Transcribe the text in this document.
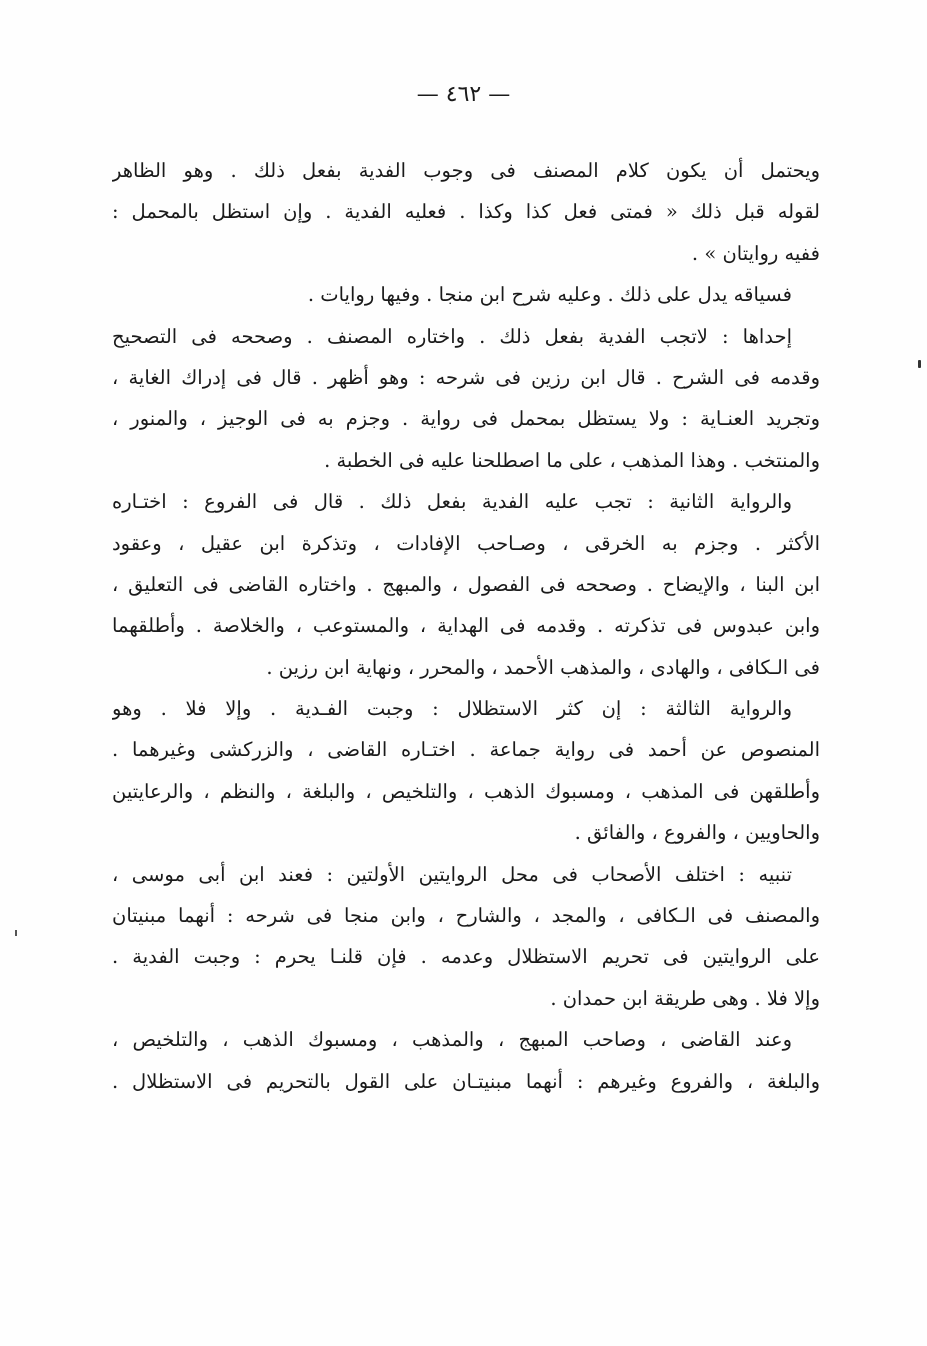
— ٤٦٢ —
ويحتمل أن يكون كلام المصنف فى وجوب الفدية بفعل ذلك . وهو الظاهر
لقوله قبل ذلك « فمتى فعل كذا وكذا . فعليه الفدية . وإن استظل بالمحمل :
ففيه روايتان » .
فسياقه يدل على ذلك . وعليه شرح ابن منجا . وفيها روايات .
إحداها : لاتجب الفدية بفعل ذلك . واختاره المصنف . وصححه فى التصحيح
وقدمه فى الشرح . قال ابن رزين فى شرحه : وهو أظهر . قال فى إدراك الغاية ،
وتجريد العنـاية : ولا يستظل بمحمل فى رواية . وجزم به فى الوجيز ، والمنور ،
والمنتخب . وهذا المذهب ، على ما اصطلحنا عليه فى الخطبة .
والرواية الثانية : تجب عليه الفدية بفعل ذلك . قال فى الفروع : اختـاره
الأكثر . وجزم به الخرقى ، وصـاحب الإفادات ، وتذكرة ابن عقيل ، وعقود
ابن البنا ، والإيضاح . وصححه فى الفصول ، والمبهج . واختاره القاضى فى التعليق ،
وابن عبدوس فى تذكرته . وقدمه فى الهداية ، والمستوعب ، والخلاصة . وأطلقهما
فى الـكافى ، والهادى ، والمذهب الأحمد ، والمحرر ، ونهاية ابن رزين .
والرواية الثالثة : إن كثر الاستظلال : وجبت الفـدية . وإلا فلا . وهو
المنصوص عن أحمد فى رواية جماعة . اختـاره القاضى ، والزركشى وغيرهما .
وأطلقهن فى المذهب ، ومسبوك الذهب ، والتلخيص ، والبلغة ، والنظم ، والرعايتين
والحاويين ، والفروع ، والفائق .
تنبيه : اختلف الأصحاب فى محل الروايتين الأولتين : فعند ابن أبى موسى ،
والمصنف فى الـكافى ، والمجد ، والشارح ، وابن منجا فى شرحه : أنهما مبنيتان
على الروايتين فى تحريم الاستظلال وعدمه . فإن قلنـا يحرم : وجبت الفدية .
وإلا فلا . وهى طريقة ابن حمدان .
وعند القاضى ، وصاحب المبهج ، والمذهب ، ومسبوك الذهب ، والتلخيص ،
والبلغة ، والفروع وغيرهم : أنهما مبنيتـان على القول بالتحريم فى الاستظلال .
